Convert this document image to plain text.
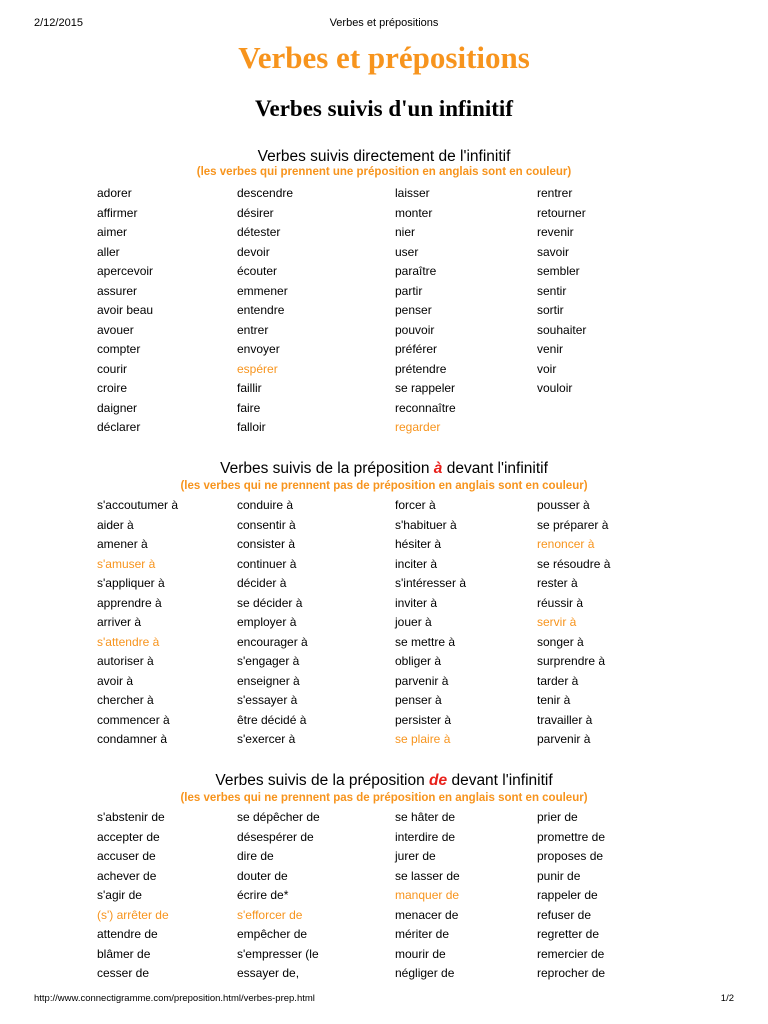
2/12/2015	Verbes et prépositions
Verbes et prépositions
Verbes suivis d'un infinitif
Verbes suivis directement de l'infinitif
(les verbes qui prennent une préposition en anglais sont en couleur)
adorer	descendre	laisser	rentrer
affirmer	désirer	monter	retourner
aimer	détester	nier	revenir
aller	devoir	user	savoir
apercevoir	écouter	paraître	sembler
assurer	emmener	partir	sentir
avoir beau	entendre	penser	sortir
avouer	entrer	pouvoir	souhaiter
compter	envoyer	préférer	venir
courir	espérer	prétendre	voir
croire	faillir	se rappeler	vouloir
daigner	faire	reconnaître
déclarer	falloir	regarder
Verbes suivis de la préposition à devant l'infinitif
(les verbes qui ne prennent pas de préposition en anglais sont en couleur)
s'accoutumer à	conduire à	forcer à	pousser à
aider à	consentir à	s'habituer à	se préparer à
amener à	consister à	hésiter à	renoncer à
s'amuser à	continuer à	inciter à	se résoudre à
s'appliquer à	décider à	s'intéresser à	rester à
apprendre à	se décider à	inviter à	réussir à
arriver à	employer à	jouer à	servir à
s'attendre à	encourager à	se mettre à	songer à
autoriser à	s'engager à	obliger à	surprendre à
avoir à	enseigner à	parvenir à	tarder à
chercher à	s'essayer à	penser à	tenir à
commencer à	être décidé à	persister à	travailler à
condamner à	s'exercer à	se plaire à	parvenir à
Verbes suivis de la préposition de devant l'infinitif
(les verbes qui ne prennent pas de préposition en anglais sont en couleur)
s'abstenir de	se dépêcher de	se hâter de	prier de
accepter de	désespérer de	interdire de	promettre de
accuser de	dire de	jurer de	proposes de
achever de	douter de	se lasser de	punir de
s'agir de	écrire de*	manquer de	rappeler de
(s') arrêter de	s'efforcer de	menacer de	refuser de
attendre de	empêcher de	mériter de	regretter de
blâmer de	s'empresser (le	mourir de	remercier de
cesser de	essayer de,	négliger de	reprocher de
http://www.connectigramme.com/preposition.html/verbes-prep.html	1/2
